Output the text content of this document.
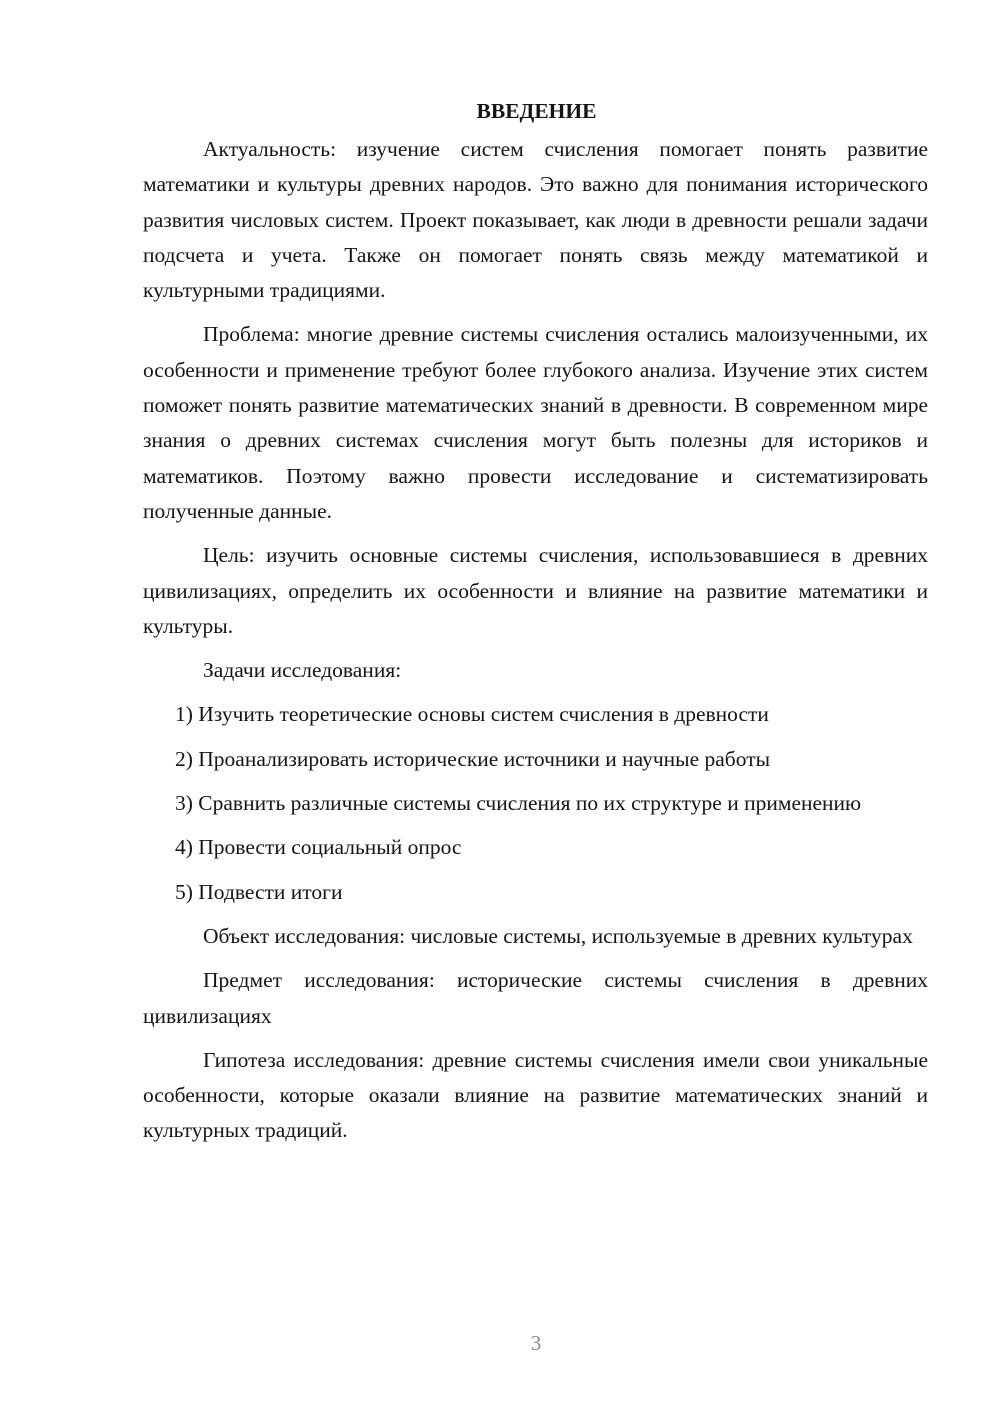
ВВЕДЕНИЕ

Актуальность: изучение систем счисления помогает понять развитие математики и культуры древних народов. Это важно для понимания исторического развития числовых систем. Проект показывает, как люди в древности решали задачи подсчета и учета. Также он помогает понять связь между математикой и культурными традициями.

Проблема: многие древние системы счисления остались малоизученными, их особенности и применение требуют более глубокого анализа. Изучение этих систем поможет понять развитие математических знаний в древности. В современном мире знания о древних системах счисления могут быть полезны для историков и математиков. Поэтому важно провести исследование и систематизировать полученные данные.

Цель: изучить основные системы счисления, использовавшиеся в древних цивилизациях, определить их особенности и влияние на развитие математики и культуры.

Задачи исследования:

1) Изучить теоретические основы систем счисления в древности

2) Проанализировать исторические источники и научные работы

3) Сравнить различные системы счисления по их структуре и применению

4) Провести социальный опрос

5) Подвести итоги

Объект исследования: числовые системы, используемые в древних культурах

Предмет исследования: исторические системы счисления в древних цивилизациях

Гипотеза исследования: древние системы счисления имели свои уникальные особенности, которые оказали влияние на развитие математических знаний и культурных традиций.

3
